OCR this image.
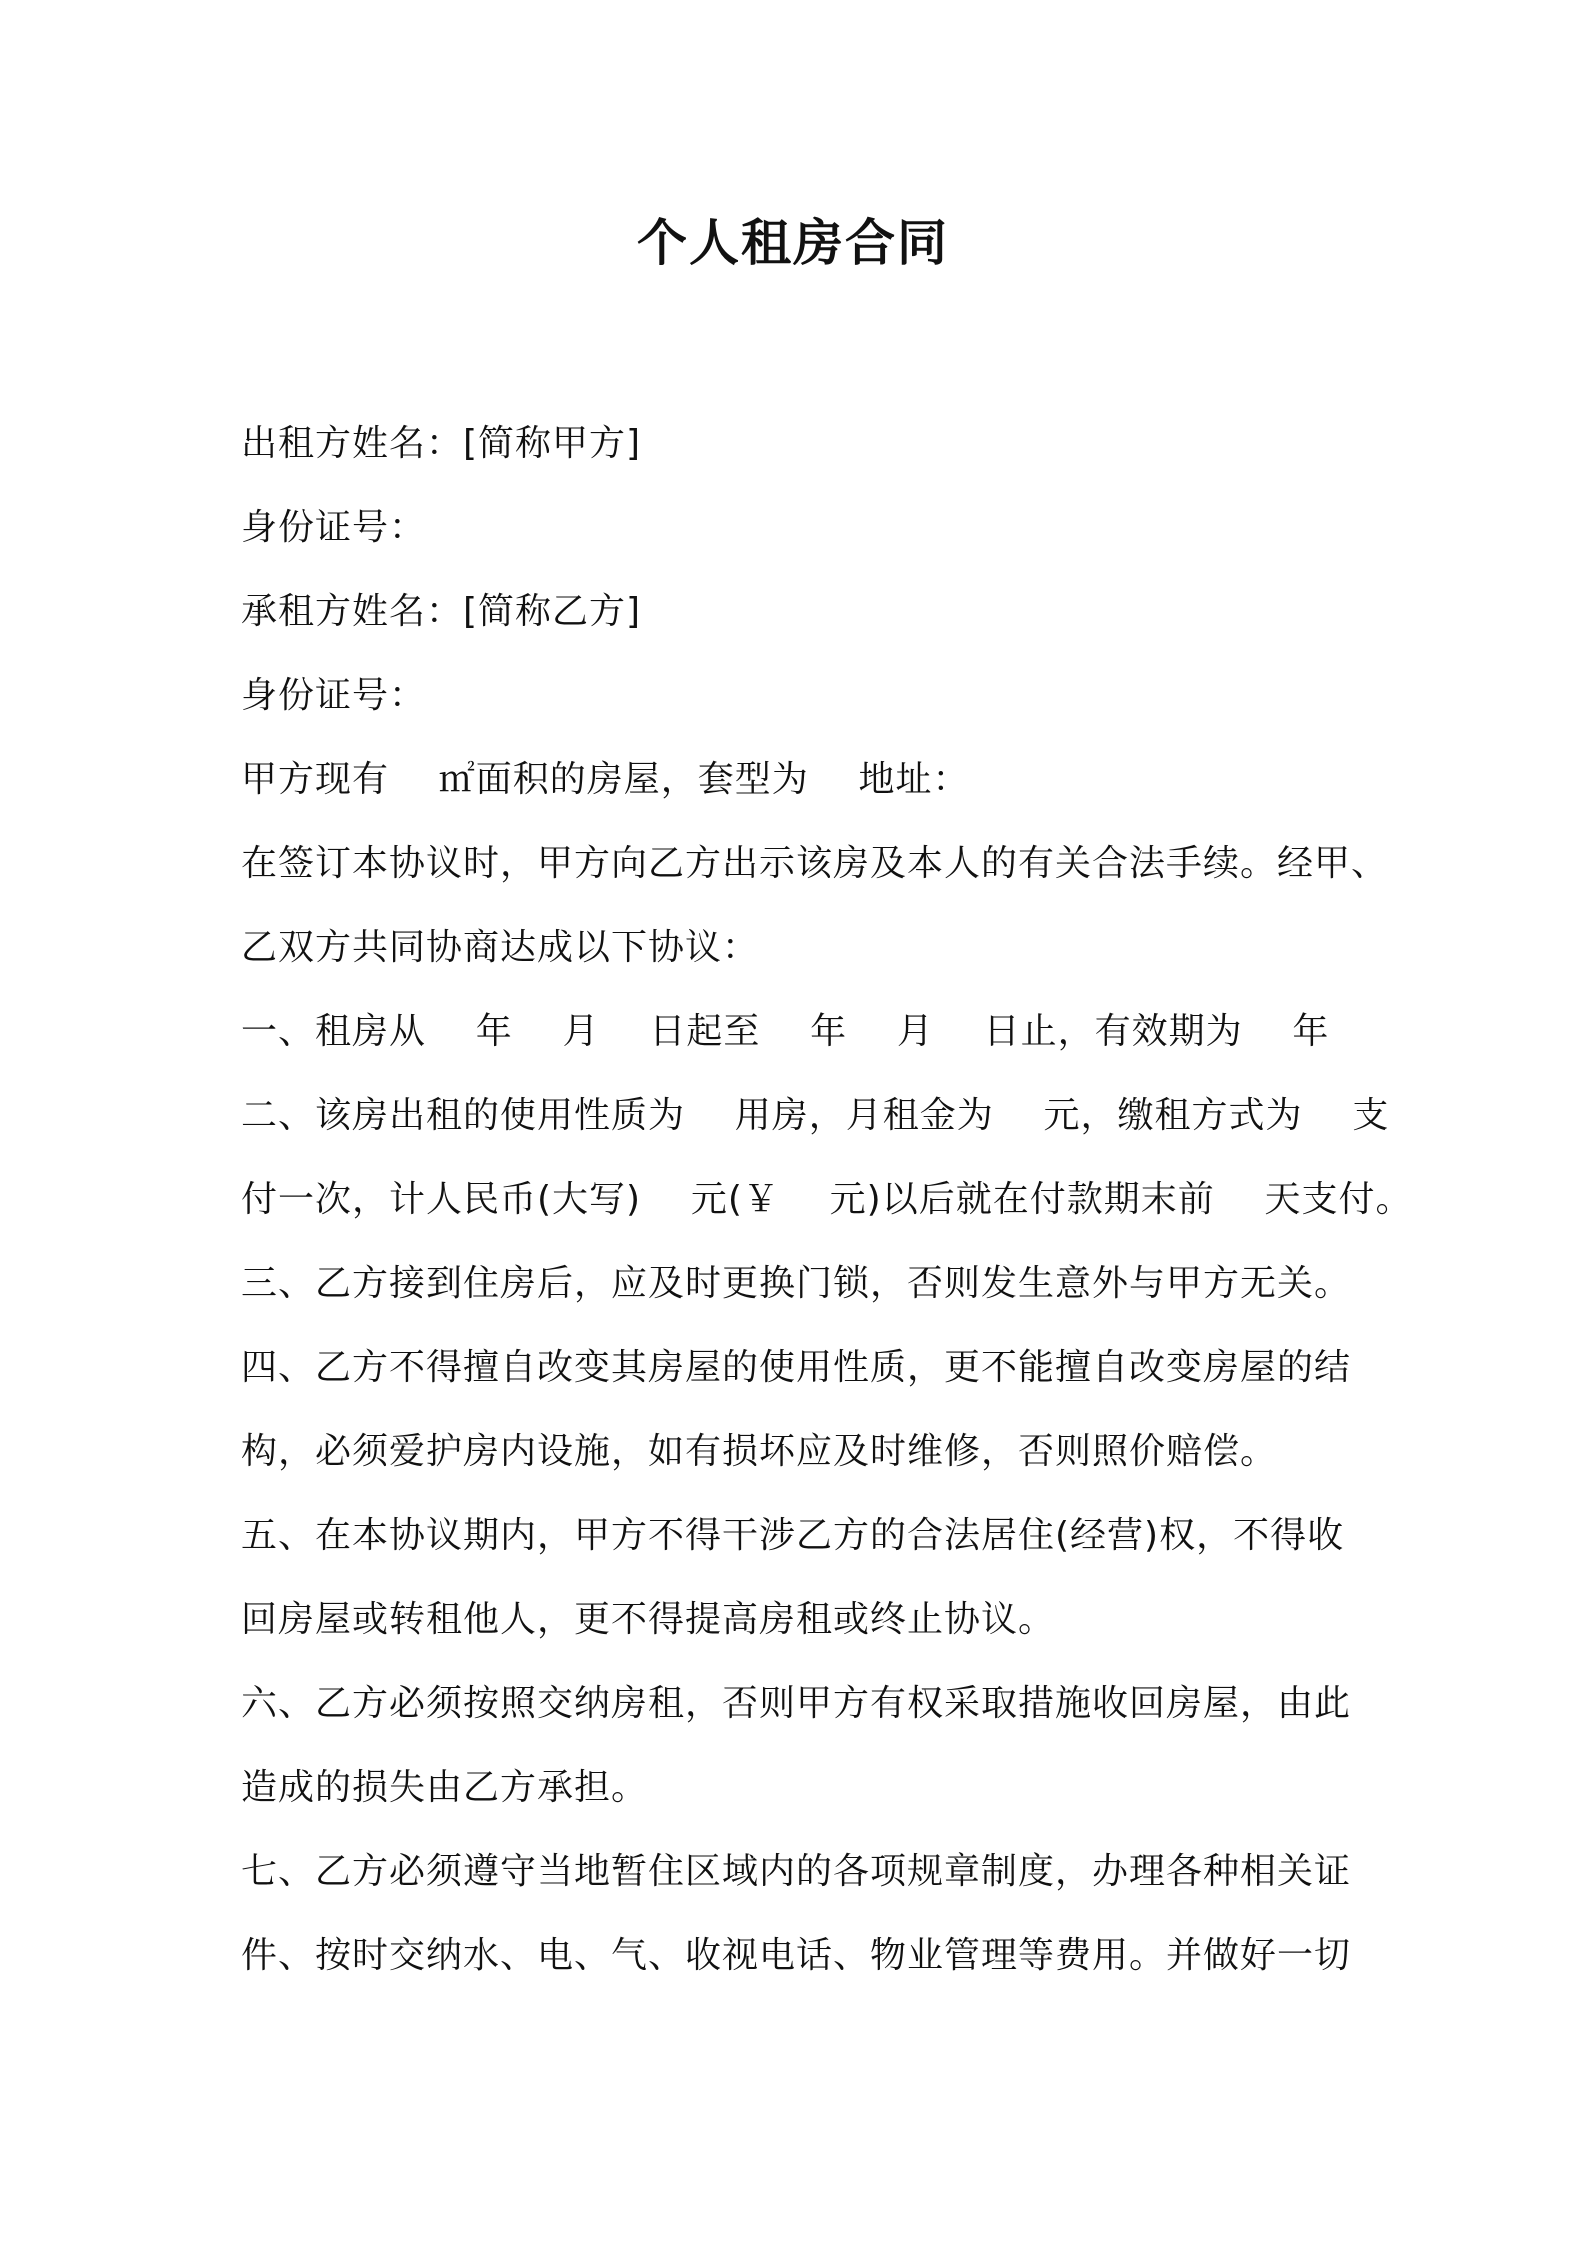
个人租房合同
出租方姓名：[简称甲方]
身份证号：
承租方姓名：[简称乙方]
身份证号：
甲方现有    ㎡面积的房屋，套型为    地址：
在签订本协议时，甲方向乙方出示该房及本人的有关合法手续。经甲、
乙双方共同协商达成以下协议：
一、租房从    年    月    日起至    年    月    日止，有效期为    年
二、该房出租的使用性质为    用房，月租金为    元，缴租方式为    支
付一次，计人民币(大写)    元(￥    元)以后就在付款期末前    天支付。
三、乙方接到住房后，应及时更换门锁，否则发生意外与甲方无关。
四、乙方不得擅自改变其房屋的使用性质，更不能擅自改变房屋的结
构，必须爱护房内设施，如有损坏应及时维修，否则照价赔偿。
五、在本协议期内，甲方不得干涉乙方的合法居住(经营)权，不得收
回房屋或转租他人，更不得提高房租或终止协议。
六、乙方必须按照交纳房租，否则甲方有权采取措施收回房屋，由此
造成的损失由乙方承担。
七、乙方必须遵守当地暂住区域内的各项规章制度，办理各种相关证
件、按时交纳水、电、气、收视电话、物业管理等费用。并做好一切
